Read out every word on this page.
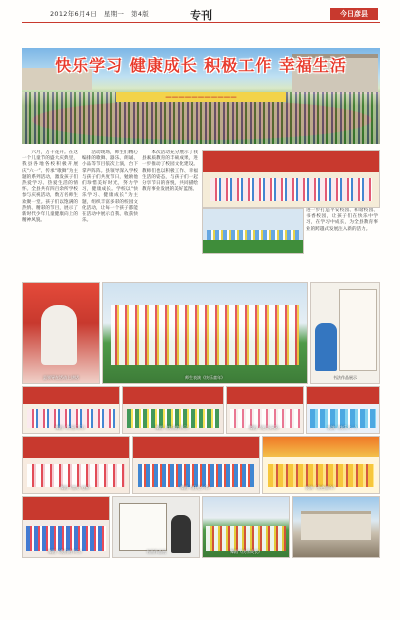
2012年6月4日　星期一　第4版	专刊	今日彦县
快乐学习 健康成长 积极工作 幸福生活
———————————
　　六月，万千花开。在这一个儿童节的盛大庆典里，我县各地各校积极开展庆“六一”、传承“歌舞”为主题的系列活动，激发孩子们热爱学习、热爱生活的情怀。全县共有四百余所学校参与庆祝活动，数万名师生欢聚一堂。孩子们以饱满的热情、精彩的节目，展示了新时代少年儿童健康向上的精神风貌。
　　活动现场，师生们精心编排的歌舞、器乐、朗诵、小品等节目依次上演，台下掌声阵阵。县领导深入学校与孩子们共度节日，勉励他们珍惜美好时光，努力学习，健康成长。学校以“快乐学习、健康成长”为主题，组织丰富多彩的校园文化活动，让每一个孩子都能在活动中展示自我、收获快乐。
　　本次活动充分展示了我县素质教育的丰硕成果，进一步推动了校园文化建设。教师们也以积极工作、幸福生活的姿态，与孩子们一起分享节日的喜悦，共同描绘教育事业发展的美好蓝图。
进一步打造平安校园、和谐校园、书香校园，让孩子们在快乐中学习，在学习中成长，为全县教育事业的跨越式发展注入新的活力。
县领导在活动上讲话	师生表演《快乐童年》	书法作品展示
舞蹈《红星闪闪》	舞蹈《快乐的节日》	舞蹈《花儿朵朵》	表演《快乐六一》
舞蹈《童心飞扬》	舞蹈《阳光少年》	表演《金色童年》
舞蹈《我们的节日》	书画作品展	舞蹈《快乐成长》
